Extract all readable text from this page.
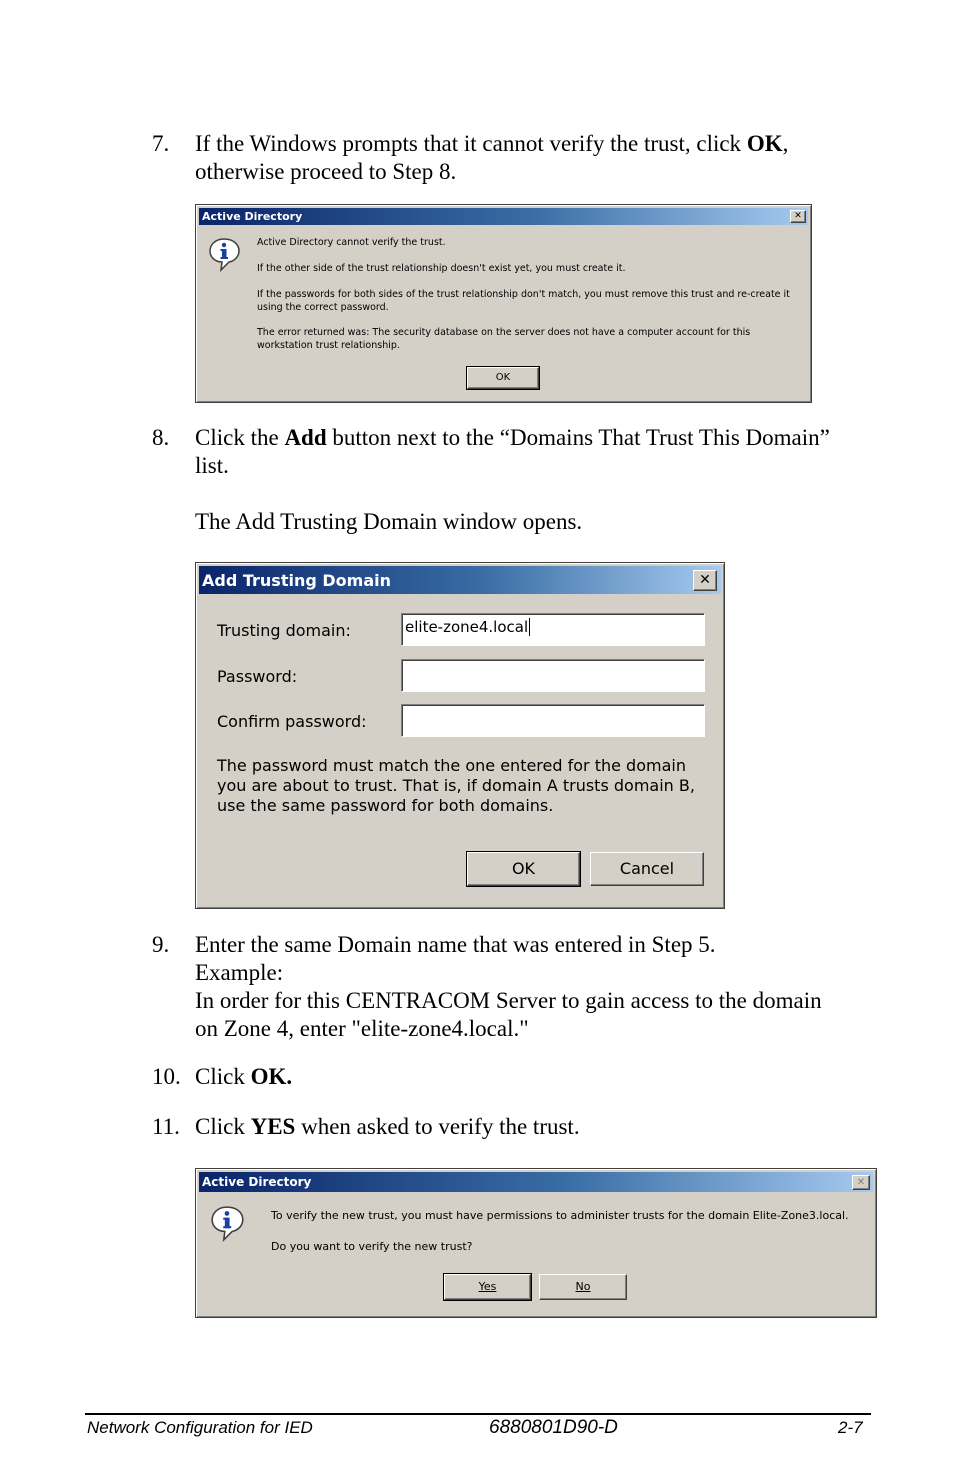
7. If the Windows prompts that it cannot verify the trust, click OK,

otherwise proceed to Step 8.

Active Directory	✕

Active Directory cannot verify the trust.

If the other side of the trust relationship doesn't exist yet, you must create it.

If the passwords for both sides of the trust relationship don't match, you must remove this trust and re-create it using the correct password.

The error returned was: The security database on the server does not have a computer account for this workstation trust relationship.

OK
8. Click the Add button next to the “Domains That Trust This Domain”

list.

The Add Trusting Domain window opens.

Add Trusting Domain	✕
Trusting domain:	elite-zone4.local
Password:
Confirm password:

The password must match the one entered for the domain you are about to trust. That is, if domain A trusts domain B, use the same password for both domains.

OK	Cancel
9. Enter the same Domain name that was entered in Step 5.

Example:

In order for this CENTRACOM Server to gain access to the domain

on Zone 4, enter "elite-zone4.local."

10. Click OK.

11. Click YES when asked to verify the trust.

Active Directory	✕

To verify the new trust, you must have permissions to administer trusts for the domain Elite-Zone3.local.

Do you want to verify the new trust?

Yes	No
Network Configuration for IED	6880801D90-D	2-7
